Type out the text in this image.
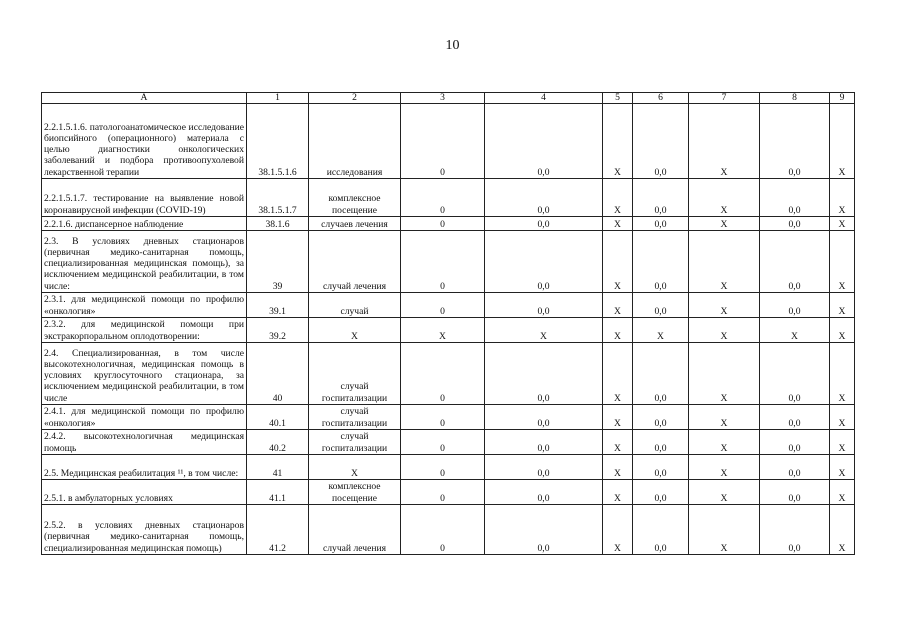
10
А	1	2	3	4	5	6	7	8	9
2.2.1.5.1.6. патологоанатомическое исследование биопсийного (операционного) материала с целью диагностики онкологических заболеваний и подбора противоопухолевой лекарственной терапии	38.1.5.1.6	исследования	0	0,0	X	0,0	X	0,0	X
2.2.1.5.1.7. тестирование на выявление новой коронавирусной инфекции (COVID-19)	38.1.5.1.7	комплексное посещение	0	0,0	X	0,0	X	0,0	X
2.2.1.6. диспансерное наблюдение	38.1.6	случаев лечения	0	0,0	X	0,0	X	0,0	X
2.3. В условиях дневных стационаров (первичная медико-санитарная помощь, специализированная медицинская помощь), за исключением медицинской реабилитации, в том числе:	39	случай лечения	0	0,0	X	0,0	X	0,0	X
2.3.1. для медицинской помощи по профилю «онкология»	39.1	случай	0	0,0	X	0,0	X	0,0	X
2.3.2. для медицинской помощи при экстракорпоральном оплодотворении:	39.2	X	X	X	X	X	X	X	X
2.4. Специализированная, в том числе высокотехнологичная, медицинская помощь в условиях круглосуточного стационара, за исключением медицинской реабилитации, в том числе	40	случай госпитализации	0	0,0	X	0,0	X	0,0	X
2.4.1. для медицинской помощи по профилю «онкология»	40.1	случай госпитализации	0	0,0	X	0,0	X	0,0	X
2.4.2. высокотехнологичная медицинская помощь	40.2	случай госпитализации	0	0,0	X	0,0	X	0,0	X
2.5. Медицинская реабилитация ¹¹, в том числе:	41	X	0	0,0	X	0,0	X	0,0	X
2.5.1. в амбулаторных условиях	41.1	комплексное посещение	0	0,0	X	0,0	X	0,0	X
2.5.2. в условиях дневных стационаров (первичная медико-санитарная помощь, специализированная медицинская помощь)	41.2	случай лечения	0	0,0	X	0,0	X	0,0	X
